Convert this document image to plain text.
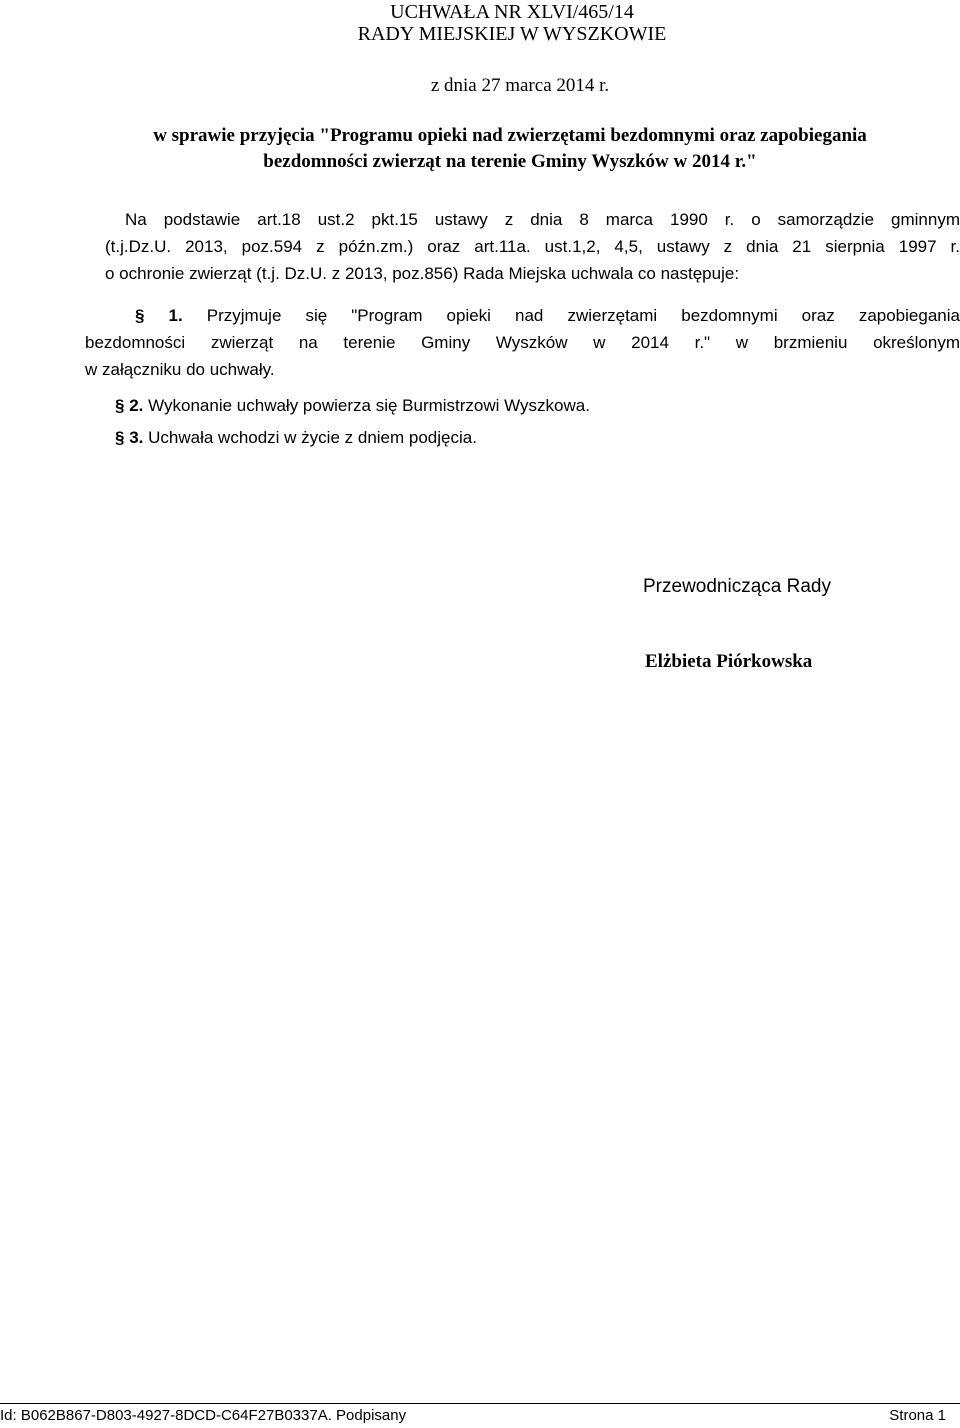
UCHWAŁA NR XLVI/465/14
RADY MIEJSKIEJ W WYSZKOWIE
z dnia 27 marca 2014 r.
w sprawie przyjęcia "Programu opieki nad zwierzętami bezdomnymi oraz zapobiegania
bezdomności zwierząt na terenie Gminy Wyszków w 2014 r."
Na podstawie art.18 ust.2 pkt.15 ustawy z dnia 8 marca 1990 r. o samorządzie gminnym
(t.j.Dz.U. 2013, poz.594 z późn.zm.) oraz art.11a. ust.1,2, 4,5, ustawy z dnia 21 sierpnia 1997 r.
o ochronie zwierząt (t.j. Dz.U. z 2013, poz.856) Rada Miejska uchwala co następuje:
§ 1. Przyjmuje się "Program opieki nad zwierzętami bezdomnymi oraz zapobiegania
bezdomności zwierząt na terenie Gminy Wyszków w 2014 r." w brzmieniu określonym
w załączniku do uchwały.
§ 2. Wykonanie uchwały powierza się Burmistrzowi Wyszkowa.
§ 3. Uchwała wchodzi w życie z dniem podjęcia.
Przewodnicząca Rady
Elżbieta Piórkowska
Id: B062B867-D803-4927-8DCD-C64F27B0337A. Podpisany	Strona 1
